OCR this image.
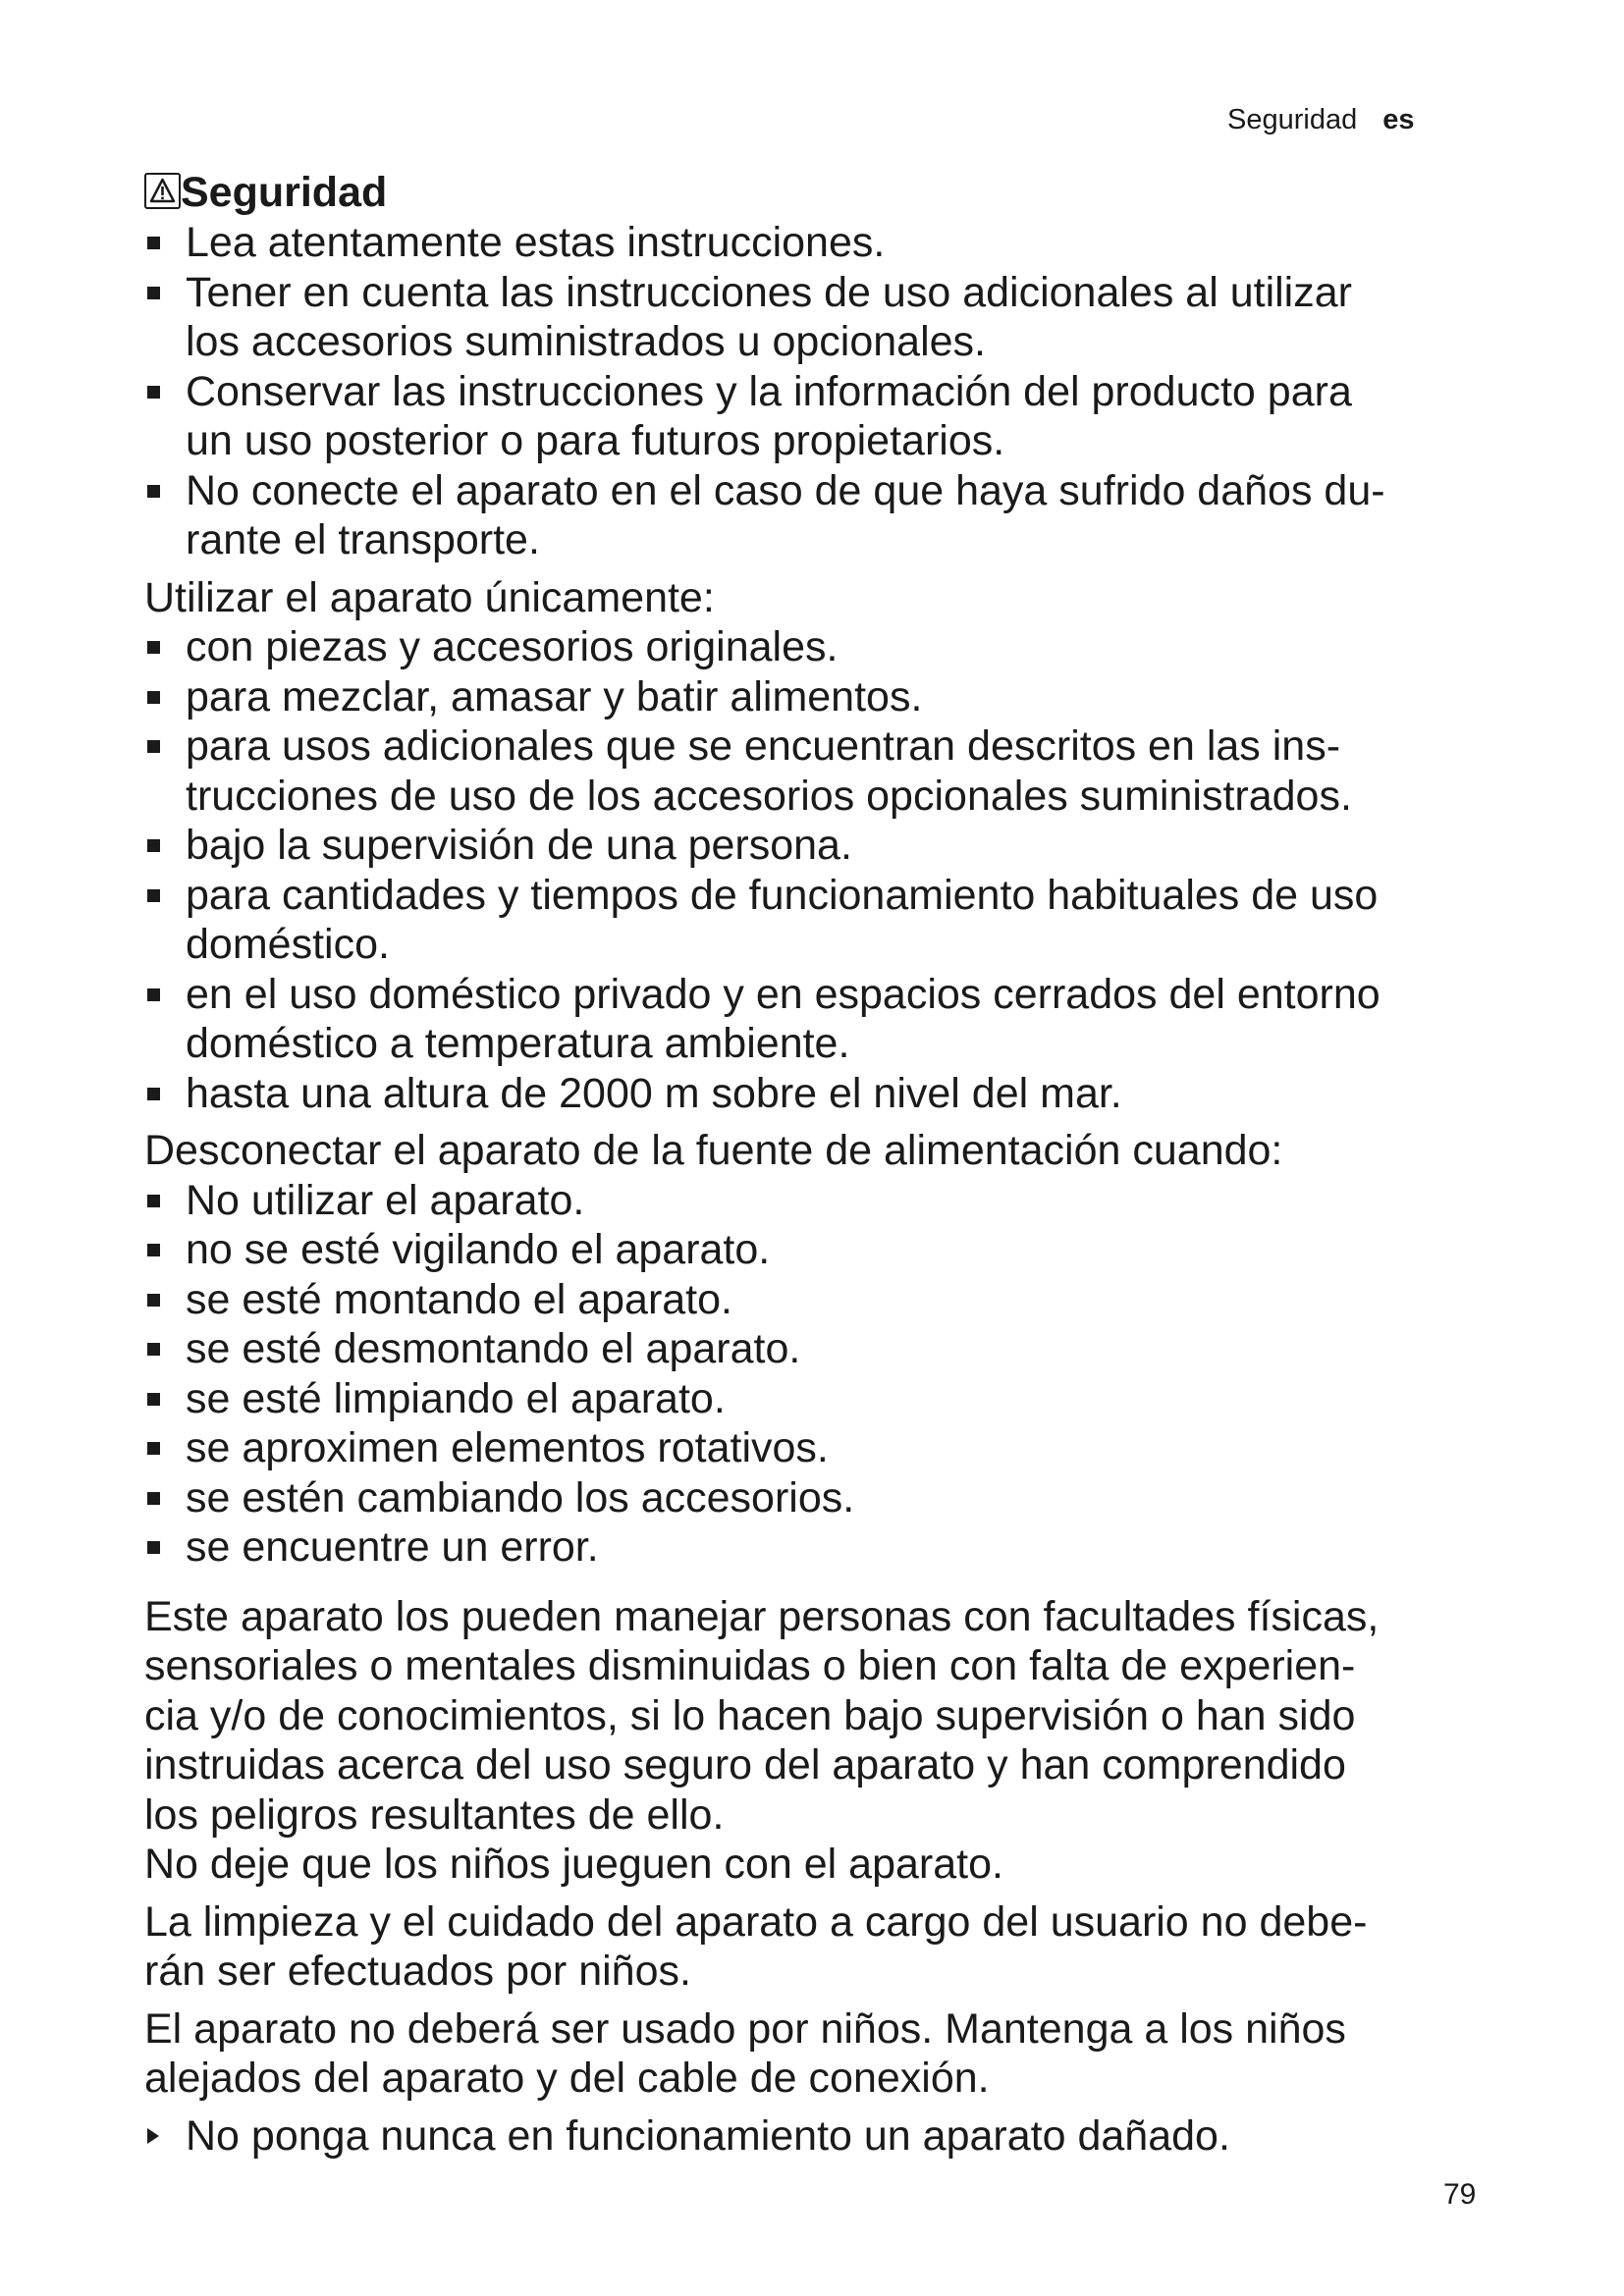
Seguridad es
Seguridad
Lea atentamente estas instrucciones.
Tener en cuenta las instrucciones de uso adicionales al utilizar
los accesorios suministrados u opcionales.
Conservar las instrucciones y la información del producto para
un uso posterior o para futuros propietarios.
No conecte el aparato en el caso de que haya sufrido daños du-
rante el transporte.

Utilizar el aparato únicamente:

con piezas y accesorios originales.
para mezclar, amasar y batir alimentos.
para usos adicionales que se encuentran descritos en las ins-
trucciones de uso de los accesorios opcionales suministrados.
bajo la supervisión de una persona.
para cantidades y tiempos de funcionamiento habituales de uso
doméstico.
en el uso doméstico privado y en espacios cerrados del entorno
doméstico a temperatura ambiente.
hasta una altura de 2000 m sobre el nivel del mar.

Desconectar el aparato de la fuente de alimentación cuando:

No utilizar el aparato.
no se esté vigilando el aparato.
se esté montando el aparato.
se esté desmontando el aparato.
se esté limpiando el aparato.
se aproximen elementos rotativos.
se estén cambiando los accesorios.
se encuentre un error.
Este aparato los pueden manejar personas con facultades físicas,
sensoriales o mentales disminuidas o bien con falta de experien-
cia y/o de conocimientos, si lo hacen bajo supervisión o han sido
instruidas acerca del uso seguro del aparato y han comprendido
los peligros resultantes de ello.

No deje que los niños jueguen con el aparato.

La limpieza y el cuidado del aparato a cargo del usuario no debe-
rán ser efectuados por niños.
El aparato no deberá ser usado por niños. Mantenga a los niños
alejados del aparato y del cable de conexión.
No ponga nunca en funcionamiento un aparato dañado.
79
